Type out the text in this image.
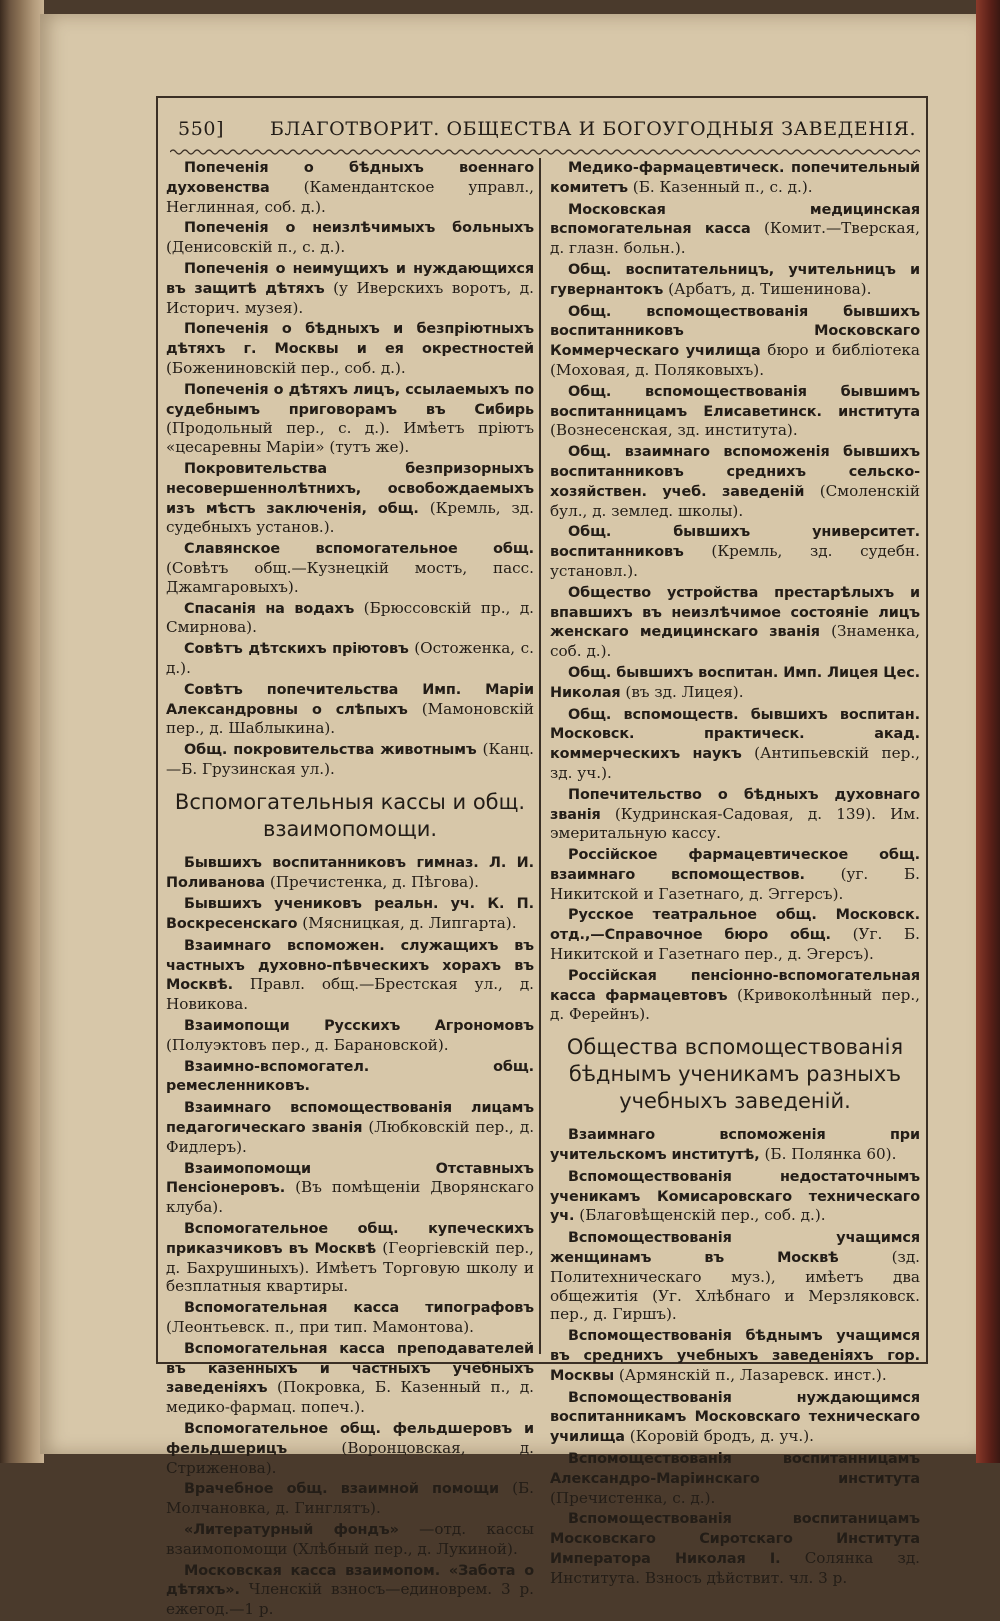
550] БЛАГОТВОРИТ. ОБЩЕСТВА И БОГОУГОДНЫЯ ЗАВЕДЕНІЯ.

Попеченія о бѣдныхъ военнаго духовенства (Камендантское управл., Неглинная, соб. д.).

Попеченія о неизлѣчимыхъ больныхъ (Денисовскій п., с. д.).

Попеченія о неимущихъ и нуждающихся въ защитѣ дѣтяхъ (у Иверскихъ воротъ, д. Историч. музея).

Попеченія о бѣдныхъ и безпріютныхъ дѣтяхъ г. Москвы и ея окрестностей (Божениновскій пер., соб. д.).

Попеченія о дѣтяхъ лицъ, ссылаемыхъ по судебнымъ приговорамъ въ Сибирь (Продольный пер., с. д.). Имѣетъ пріютъ «цесаревны Маріи» (тутъ же).

Покровительства безпризорныхъ несовершеннолѣтнихъ, освобождаемыхъ изъ мѣстъ заключенія, общ. (Кремль, зд. судебныхъ установ.).

Славянское вспомогательное общ. (Совѣтъ общ.—Кузнецкій мостъ, пасс. Джамгаровыхъ).

Спасанія на водахъ (Брюссовскій пр., д. Смирнова).

Совѣтъ дѣтскихъ пріютовъ (Остоженка, с. д.).

Совѣтъ попечительства Имп. Маріи Александровны о слѣпыхъ (Мамоновскій пер., д. Шаблыкина).

Общ. покровительства животнымъ (Канц.—Б. Грузинская ул.).

Вспомогательныя кассы и общ. взаимопомощи.

Бывшихъ воспитанниковъ гимназ. Л. И. Поливанова (Пречистенка, д. Пѣгова).

Бывшихъ учениковъ реальн. уч. К. П. Воскресенскаго (Мясницкая, д. Липгарта).

Взаимнаго вспоможен. служащихъ въ частныхъ духовно-пѣвческихъ хорахъ въ Москвѣ. Правл. общ.—Брестская ул., д. Новикова.

Взаимопощи Русскихъ Агрономовъ (Полуэктовъ пер., д. Барановской).

Взаимно-вспомогател. общ. ремесленниковъ.

Взаимнаго вспомоществованія лицамъ педагогическаго званія (Любковскій пер., д. Фидлеръ).

Взаимопомощи Отставныхъ Пенсіонеровъ. (Въ помѣщеніи Дворянскаго клуба).

Вспомогательное общ. купеческихъ приказчиковъ въ Москвѣ (Георгіевскій пер., д. Бахрушиныхъ). Имѣетъ Торговую школу и безплатныя квартиры.

Вспомогательная касса типографовъ (Леонтьевск. п., при тип. Мамонтова).

Вспомогательная касса преподавателей въ казенныхъ и частныхъ учебныхъ заведеніяхъ (Покровка, Б. Казенный п., д. медико-фармац. попеч.).

Вспомогательное общ. фельдшеровъ и фельдшерицъ	(Воронцовская, д. Стриженова).

Врачебное общ. взаимной помощи (Б. Молчановка, д. Гинглятъ).

«Литературный фондъ» —отд. кассы взаимопомощи (Хлѣбный пер., д. Лукиной).

Московская касса взаимопом. «Забота о дѣтяхъ». Членскій взносъ—единоврем. 3 р. ежегод.—1 р.

Медико-фармацевтическ. попечительный комитетъ (Б. Казенный п., с. д.).

Московская медицинская вспомогательная касса (Комит.—Тверская, д. глазн. больн.).

Общ. воспитательницъ, учительницъ и гувернантокъ (Арбатъ, д. Тишенинова).

Общ. вспомоществованія бывшихъ воспитанниковъ Московскаго Коммерческаго училища бюро и библіотека (Моховая, д. Поляковыхъ).

Общ. вспомоществованія бывшимъ воспитанницамъ Елисаветинск. института (Вознесенская, зд. института).

Общ. взаимнаго вспоможенія бывшихъ воспитанниковъ среднихъ сельско-хозяйствен. учеб. заведеній (Смоленскій бул., д. землед. школы).

Общ. бывшихъ университет. воспитанниковъ (Кремль, зд. судебн. установл.).

Общество устройства престарѣлыхъ и впавшихъ въ неизлѣчимое состояніе лицъ женскаго медицинскаго званія (Знаменка, соб. д.).

Общ. бывшихъ воспитан. Имп. Лицея Цес. Николая (въ зд. Лицея).

Общ. вспомоществ. бывшихъ воспитан. Московск. практическ. акад. коммерческихъ наукъ (Антипьевскій пер., зд. уч.).

Попечительство о бѣдныхъ духовнаго званія (Кудринская-Садовая, д. 139). Им. эмеритальную кассу.

Россійское фармацевтическое общ. взаимнаго вспомоществов. (уг. Б. Никитской и Газетнаго, д. Эггерсъ).

Русское театральное общ. Московск. отд.,—Справочное бюро общ. (Уг. Б. Никитской и Газетнаго пер., д. Эгерсъ).

Россійская пенсіонно-вспомогательная касса фармацевтовъ (Кривоколѣнный пер., д. Ферейнъ).

Общества вспомоществованія бѣднымъ ученикамъ разныхъ учебныхъ заведеній.

Взаимнаго вспоможенія при учительскомъ институтѣ, (Б. Полянка 60).

Вспомоществованія недостаточнымъ ученикамъ Комисаровскаго техническаго уч. (Благовѣщенскій пер., соб. д.).

Вспомоществованія учащимся женщинамъ въ Москвѣ	(зд. Политехническаго муз.), имѣетъ два общежитія (Уг. Хлѣбнаго и Мерзляковск. пер., д. Гиршъ).

Вспомоществованія бѣднымъ учащимся въ среднихъ учебныхъ заведеніяхъ гор. Москвы (Армянскій п., Лазаревск. инст.).

Вспомоществованія нуждающимся воспитанникамъ Московскаго техническаго училища (Коровій бродъ, д. уч.).

Вспомоществованія воспитанницамъ Александро-Маріинскаго института (Пречистенка, с. д.).

Вспомоществованія воспитаницамъ Московскаго Сиротскаго Института Императора Николая I. Солянка зд. Института. Взносъ дѣйствит. чл. 3 р.
